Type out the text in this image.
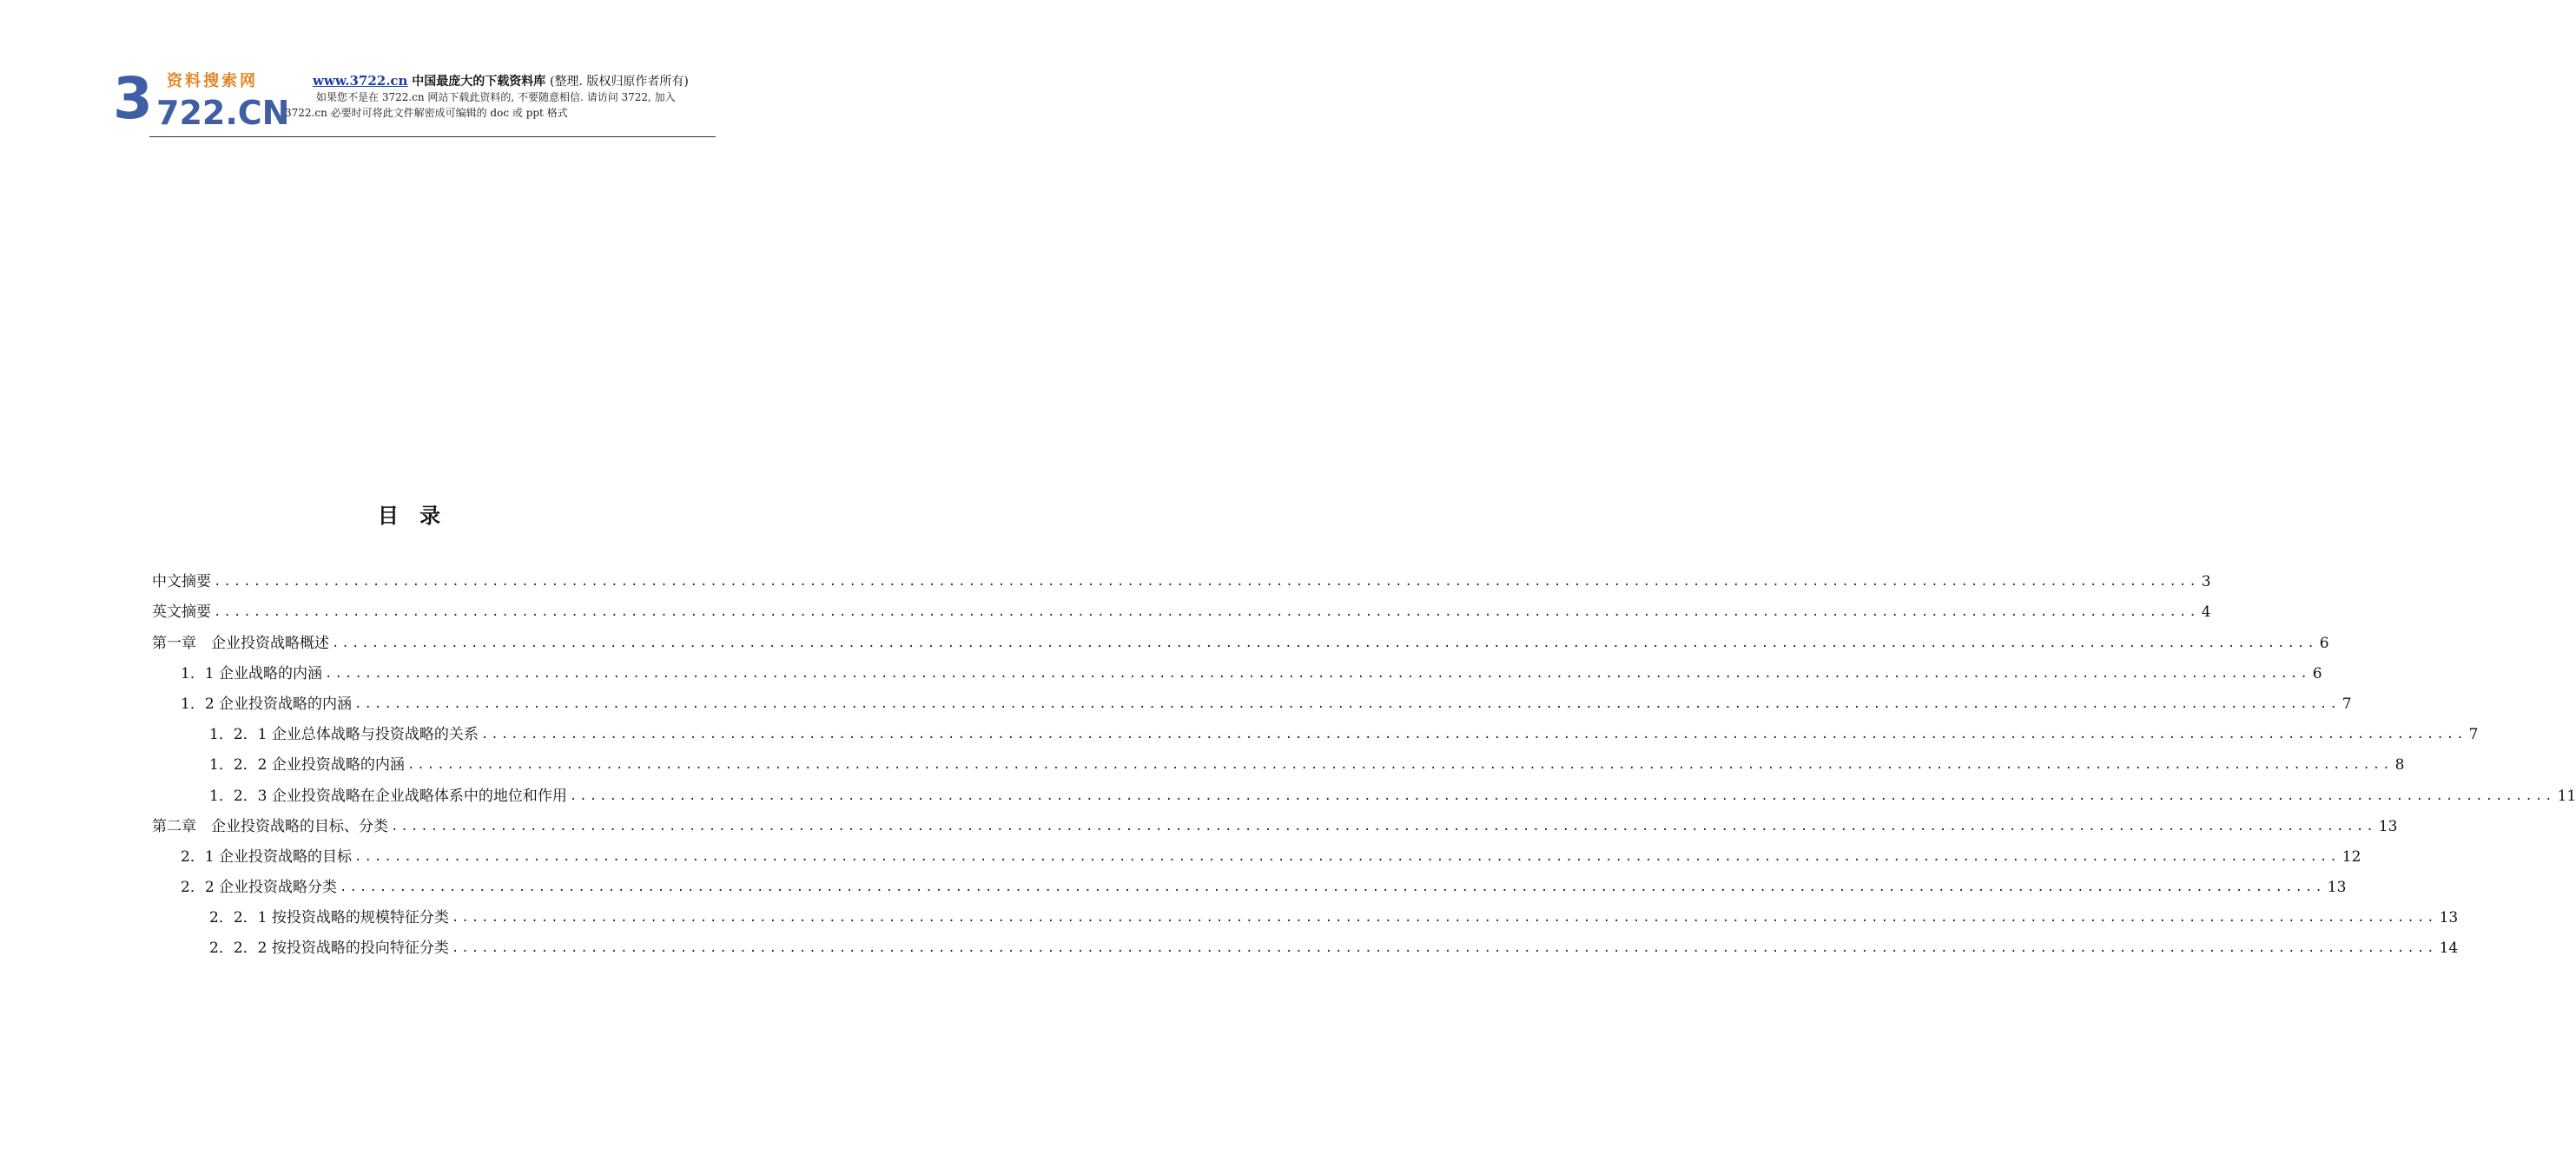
3 资料搜索网
722.CN
www.3722.cn 中国最庞大的下载资料库 (整理. 版权归原作者所有)
如果您不是在 3722.cn 网站下载此资料的, 不要随意相信. 请访问 3722, 加入
3722.cn 必要时可将此文件解密成可编辑的 doc 或 ppt 格式
目 录
中文摘要 ........................................................................................................................................................................................................ 3
英文摘要 ........................................................................................................................................................................................................ 4
第一章　企业投资战略概述 ........................................................................................................................................................................................................ 6
1．1 企业战略的内涵 ........................................................................................................................................................................................................ 6
1．2 企业投资战略的内涵 ........................................................................................................................................................................................................ 7
1．2．1 企业总体战略与投资战略的关系 ........................................................................................................................................................................................................ 7
1．2．2 企业投资战略的内涵 ........................................................................................................................................................................................................ 8
1．2．3 企业投资战略在企业战略体系中的地位和作用 ........................................................................................................................................................................................................ 11
第二章　企业投资战略的目标、分类 ........................................................................................................................................................................................................ 13
2．1 企业投资战略的目标 ........................................................................................................................................................................................................ 12
2．2 企业投资战略分类 ........................................................................................................................................................................................................ 13
2．2．1 按投资战略的规模特征分类 ........................................................................................................................................................................................................ 13
2．2．2 按投资战略的投向特征分类 ........................................................................................................................................................................................................ 14
